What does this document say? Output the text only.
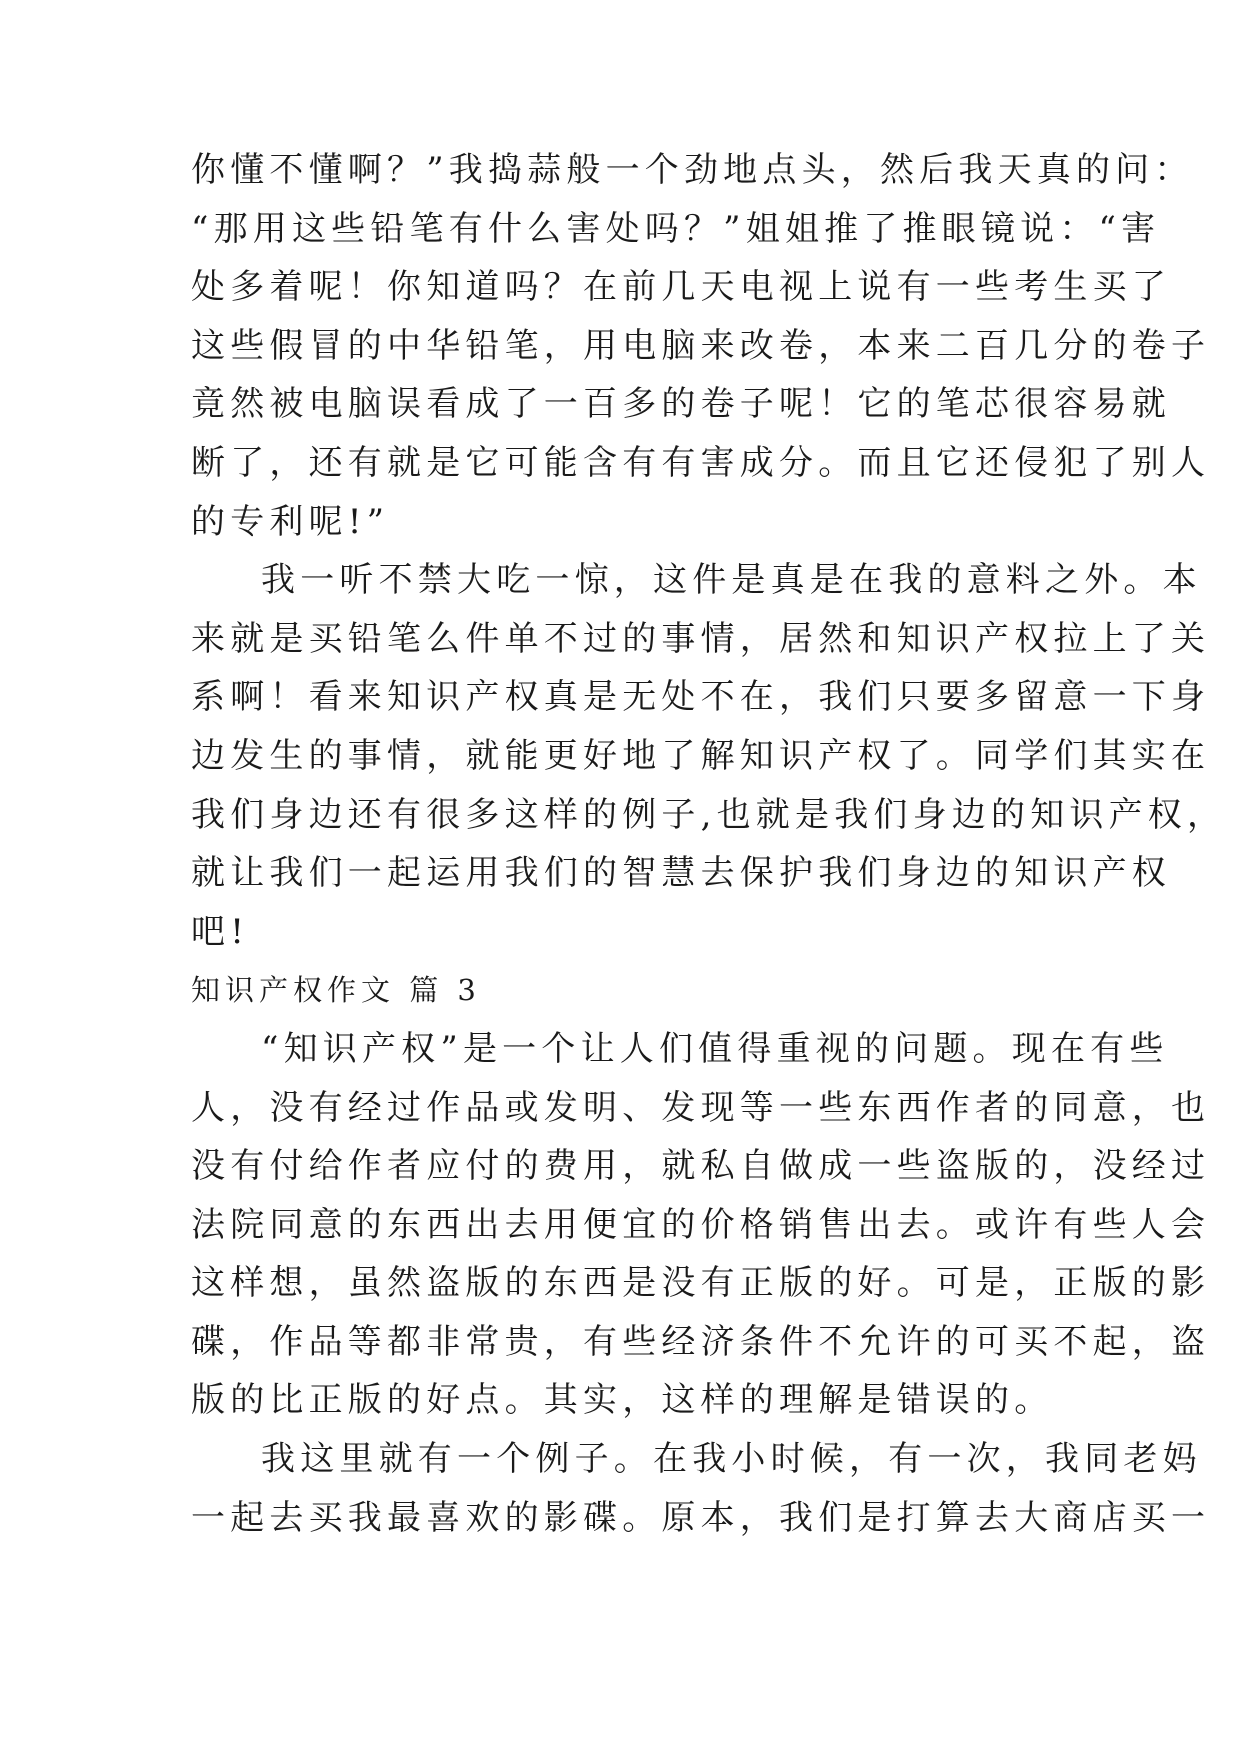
你懂不懂啊？”我捣蒜般一个劲地点头，然后我天真的问：
“那用这些铅笔有什么害处吗？”姐姐推了推眼镜说：“害
处多着呢！你知道吗？在前几天电视上说有一些考生买了
这些假冒的中华铅笔，用电脑来改卷，本来二百几分的卷子
竟然被电脑误看成了一百多的卷子呢！它的笔芯很容易就
断了，还有就是它可能含有有害成分。而且它还侵犯了别人
的专利呢!”
我一听不禁大吃一惊，这件是真是在我的意料之外。本
来就是买铅笔么件单不过的事情，居然和知识产权拉上了关
系啊！看来知识产权真是无处不在，我们只要多留意一下身
边发生的事情，就能更好地了解知识产权了。同学们其实在
我们身边还有很多这样的例子,也就是我们身边的知识产权，
就让我们一起运用我们的智慧去保护我们身边的知识产权
吧!
知识产权作文 篇 3
“知识产权”是一个让人们值得重视的问题。现在有些
人，没有经过作品或发明、发现等一些东西作者的同意，也
没有付给作者应付的费用，就私自做成一些盗版的，没经过
法院同意的东西出去用便宜的价格销售出去。或许有些人会
这样想，虽然盗版的东西是没有正版的好。可是，正版的影
碟，作品等都非常贵，有些经济条件不允许的可买不起，盗
版的比正版的好点。其实，这样的理解是错误的。
我这里就有一个例子。在我小时候，有一次，我同老妈
一起去买我最喜欢的影碟。原本，我们是打算去大商店买一
